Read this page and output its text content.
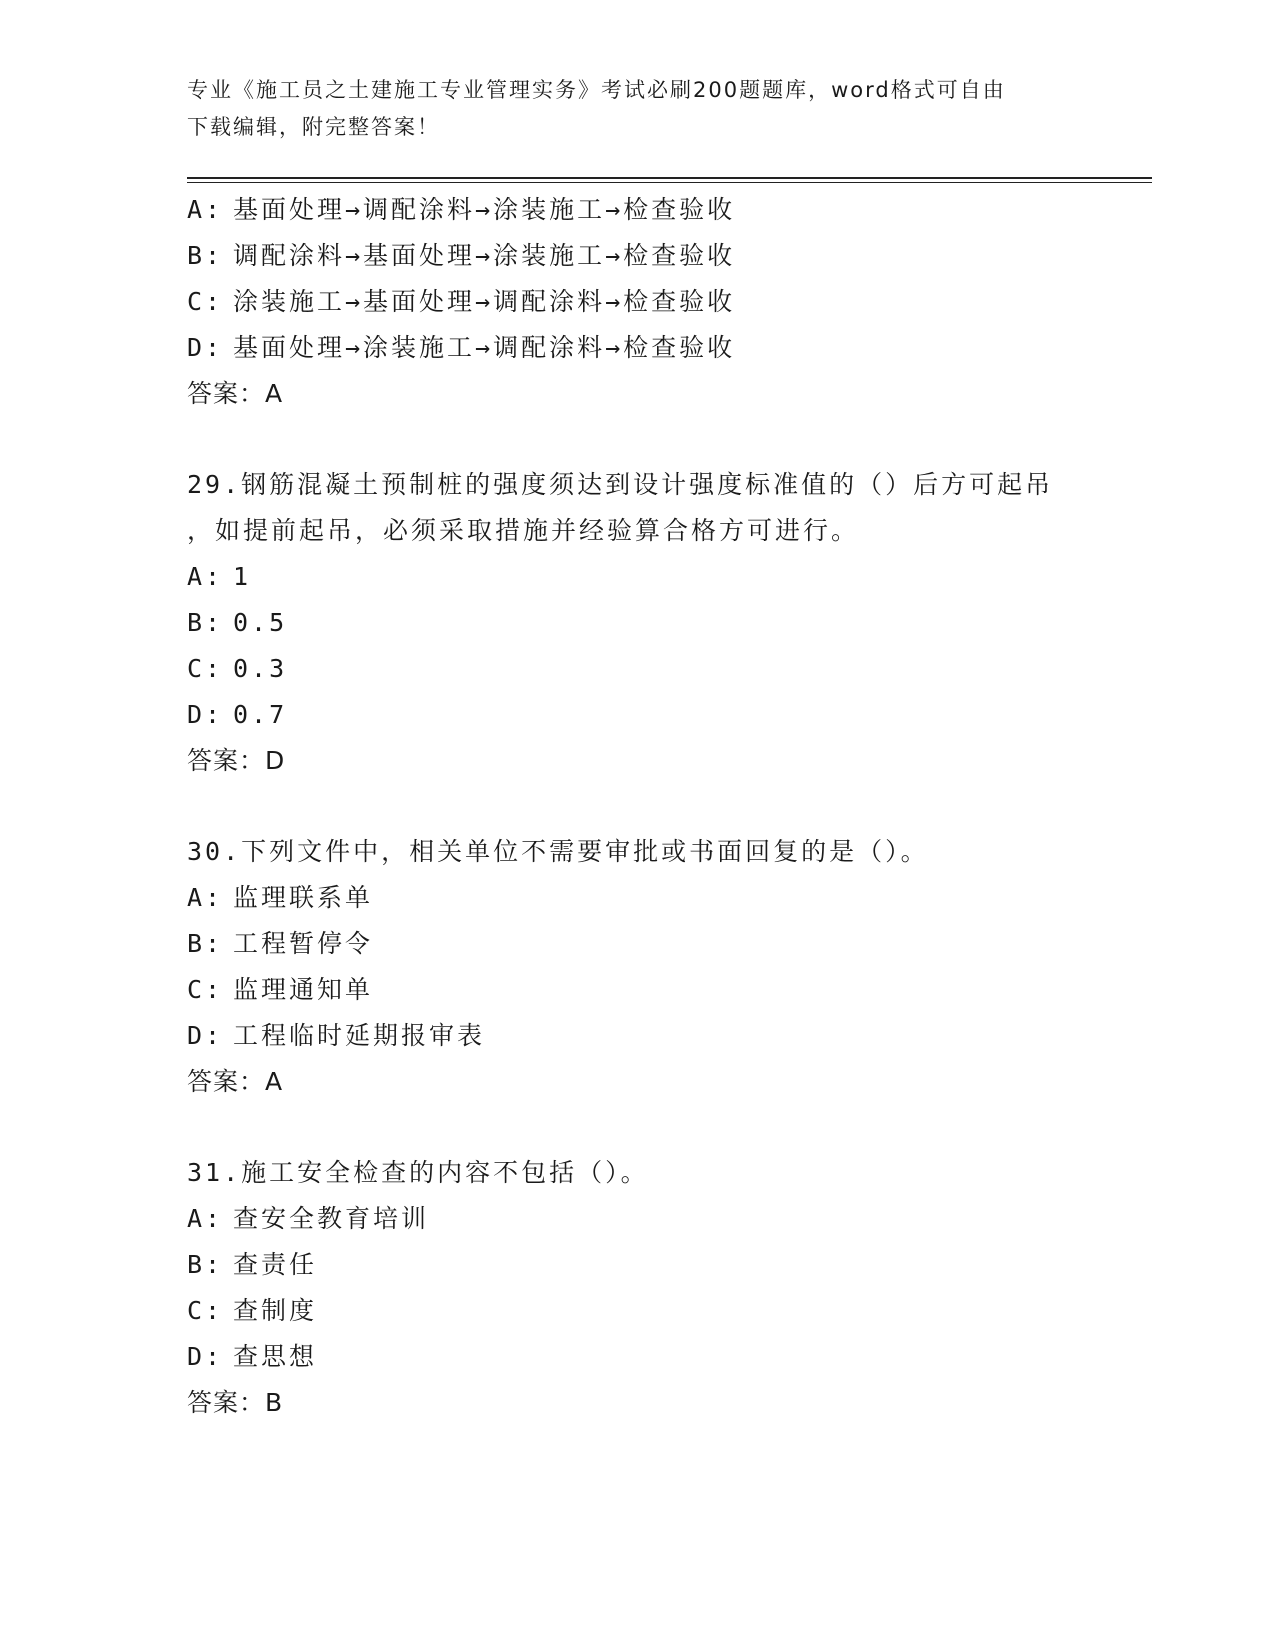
专业《施工员之土建施工专业管理实务》考试必刷200题题库，word格式可自由
下载编辑，附完整答案！
A: 基面处理→调配涂料→涂装施工→检查验收
B: 调配涂料→基面处理→涂装施工→检查验收
C: 涂装施工→基面处理→调配涂料→检查验收
D: 基面处理→涂装施工→调配涂料→检查验收
答案：A
29.钢筋混凝土预制桩的强度须达到设计强度标准值的（）后方可起吊
，如提前起吊，必须采取措施并经验算合格方可进行。
A: 1
B: 0.5
C: 0.3
D: 0.7
答案：D
30.下列文件中，相关单位不需要审批或书面回复的是（）。
A: 监理联系单
B: 工程暂停令
C: 监理通知单
D: 工程临时延期报审表
答案：A
31.施工安全检查的内容不包括（）。
A: 查安全教育培训
B: 查责任
C: 查制度
D: 查思想
答案：B
